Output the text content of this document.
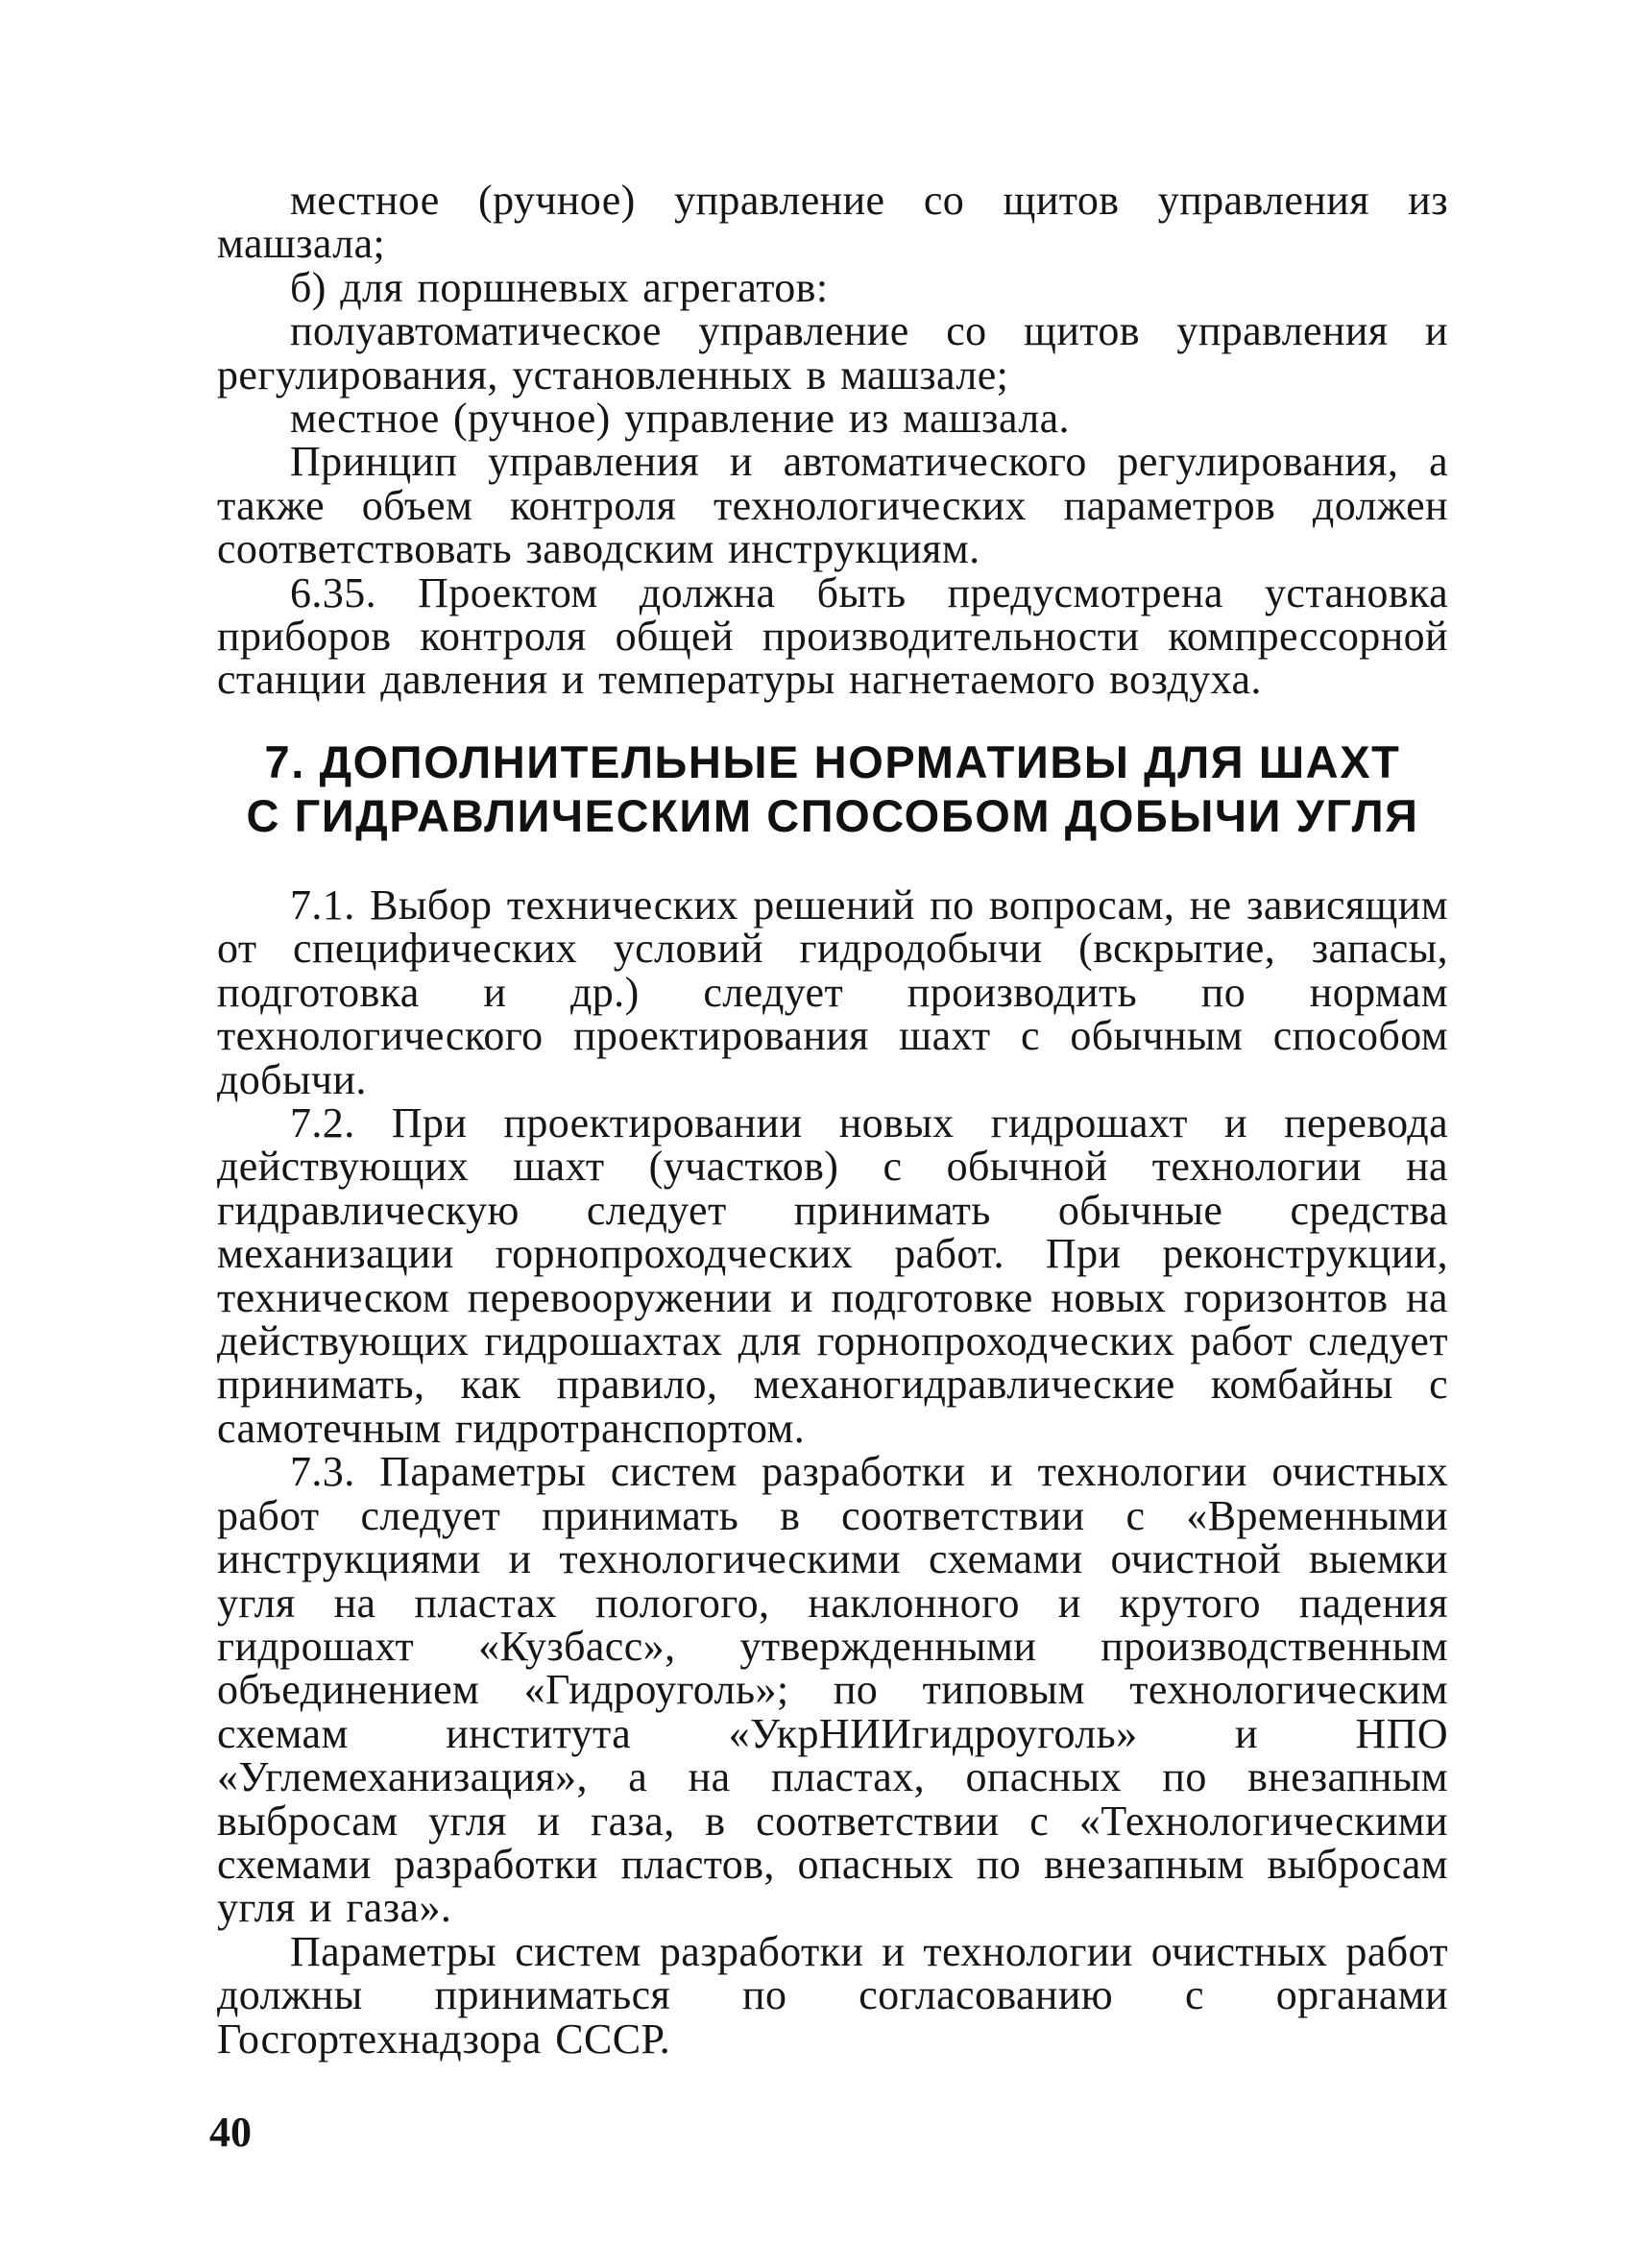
местное (ручное) управление со щитов управления из машзала;

б) для поршневых агрегатов:

полуавтоматическое управление со щитов управления и регулирования, установленных в машзале;

местное (ручное) управление из машзала.

Принцип управления и автоматического регулирования, а также объем контроля технологических параметров должен соответствовать заводским инструкциям.

6.35. Проектом должна быть предусмотрена установка приборов контроля общей производительности компрессорной станции давления и температуры нагнетаемого воздуха.

7. ДОПОЛНИТЕЛЬНЫЕ НОРМАТИВЫ ДЛЯ ШАХТ
С ГИДРАВЛИЧЕСКИМ СПОСОБОМ ДОБЫЧИ УГЛЯ

7.1. Выбор технических решений по вопросам, не зависящим от специфических условий гидродобычи (вскрытие, запасы, подготовка и др.) следует производить по нормам технологического проектирования шахт с обычным способом добычи.

7.2. При проектировании новых гидрошахт и перевода действующих шахт (участков) с обычной технологии на гидравлическую следует принимать обычные средства механизации горнопроходческих работ. При реконструкции, техническом перевооружении и подготовке новых горизонтов на действующих гидрошахтах для горнопроходческих работ следует принимать, как правило, механогидравлические комбайны с самотечным гидротранспортом.

7.3. Параметры систем разработки и технологии очистных работ следует принимать в соответствии с «Временными инструкциями и технологическими схемами очистной выемки угля на пластах пологого, наклонного и крутого падения гидрошахт «Кузбасс», утвержденными производственным объединением «Гидроуголь»; по типовым технологическим схемам института «УкрНИИгидроуголь» и НПО «Углемеханизация», а на пластах, опасных по внезапным выбросам угля и газа, в соответствии с «Технологическими схемами разработки пластов, опасных по внезапным выбросам угля и газа».

Параметры систем разработки и технологии очистных работ должны приниматься по согласованию с органами Госгортехнадзора СССР.

40
